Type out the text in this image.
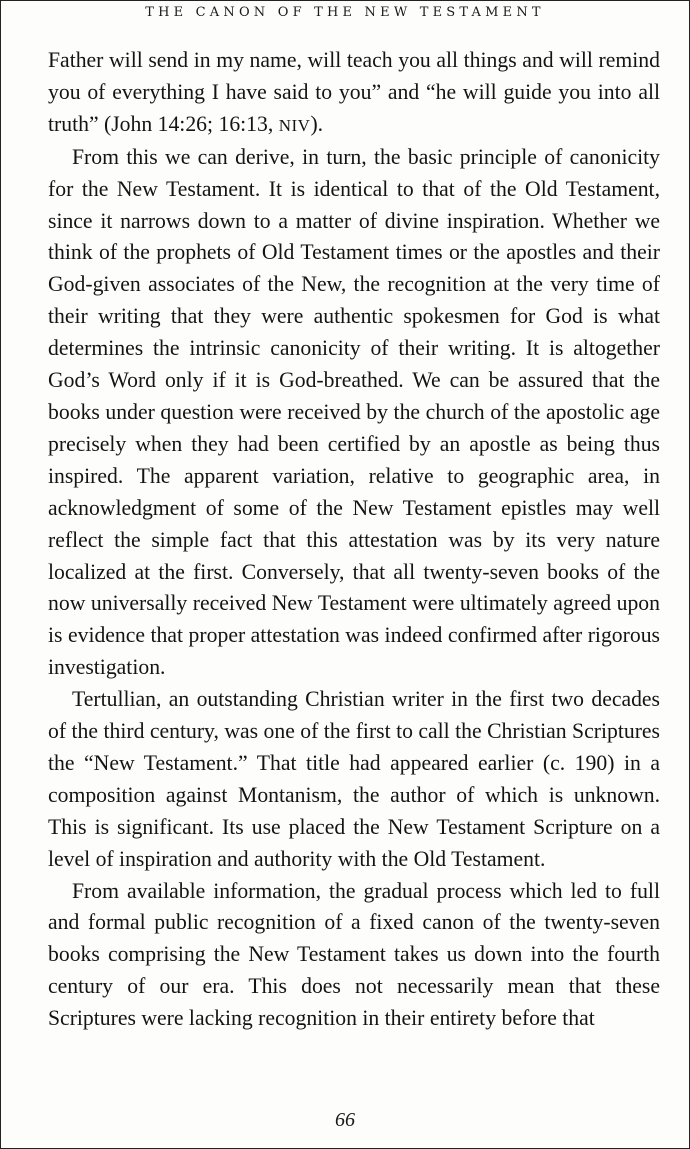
THE CANON OF THE NEW TESTAMENT

Father will send in my name, will teach you all things and will remind you of everything I have said to you” and “he will guide you into all truth” (John 14:26; 16:13, NIV).

From this we can derive, in turn, the basic principle of canonicity for the New Testament. It is identical to that of the Old Testament, since it narrows down to a matter of divine inspiration. Whether we think of the prophets of Old Testament times or the apostles and their God-given associates of the New, the recognition at the very time of their writing that they were authentic spokesmen for God is what determines the intrinsic canonicity of their writing. It is altogether God’s Word only if it is God-breathed. We can be assured that the books under question were received by the church of the apostolic age precisely when they had been certified by an apostle as being thus inspired. The apparent variation, relative to geographic area, in acknowledgment of some of the New Testament epistles may well reflect the simple fact that this attestation was by its very nature localized at the first. Conversely, that all twenty-seven books of the now universally received New Testament were ultimately agreed upon is evidence that proper attestation was indeed confirmed after rigorous investigation.

Tertullian, an outstanding Christian writer in the first two decades of the third century, was one of the first to call the Christian Scriptures the “New Testament.” That title had appeared earlier (c. 190) in a composition against Montanism, the author of which is unknown. This is significant. Its use placed the New Testament Scripture on a level of inspiration and authority with the Old Testament.

From available information, the gradual process which led to full and formal public recognition of a fixed canon of the twenty-seven books comprising the New Testament takes us down into the fourth century of our era. This does not necessarily mean that these Scriptures were lacking recognition in their entirety before that

66
